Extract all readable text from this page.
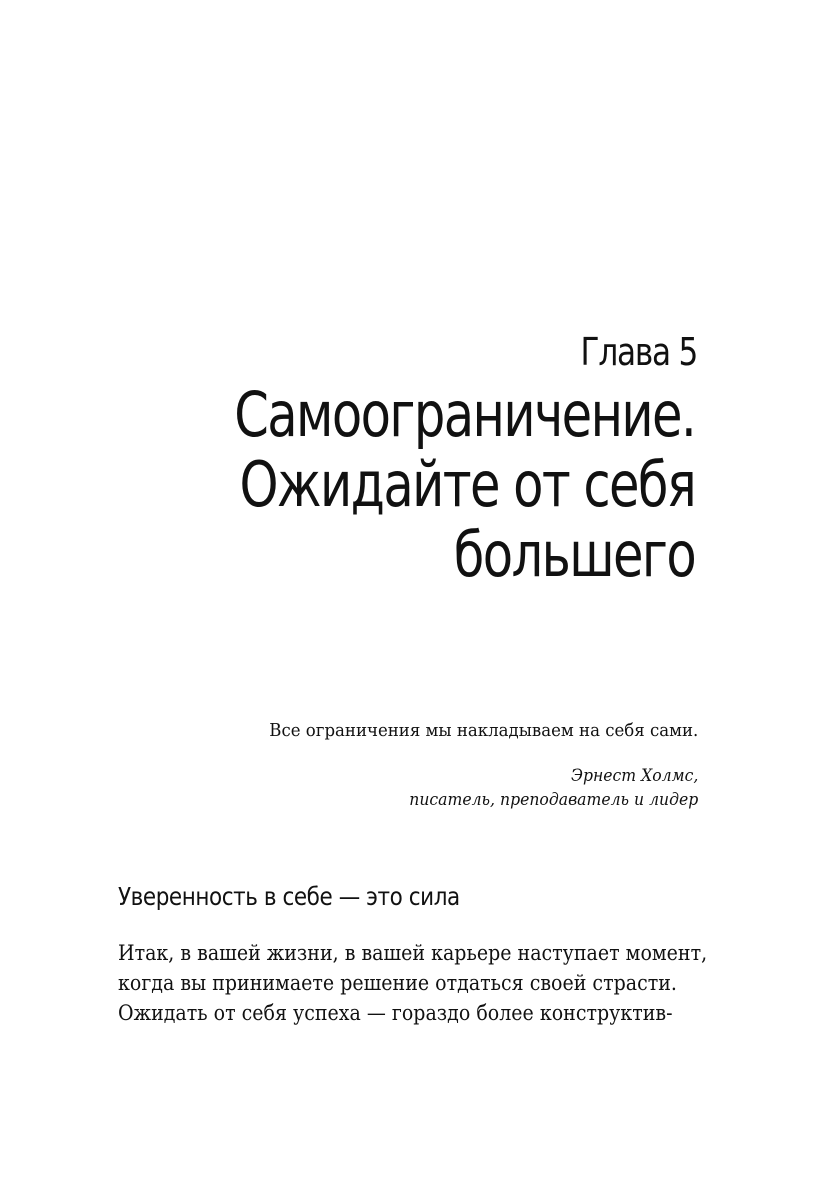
Глава 5
Самоограничение.
Ожидайте от себя
большего
Все ограничения мы накладываем на себя сами.
Эрнест Холмс,
писатель, преподаватель и лидер
Уверенность в себе — это сила
Итак, в вашей жизни, в вашей карьере наступает момент,
когда вы принимаете решение отдаться своей страсти.
Ожидать от себя успеха — гораздо более конструктив-
